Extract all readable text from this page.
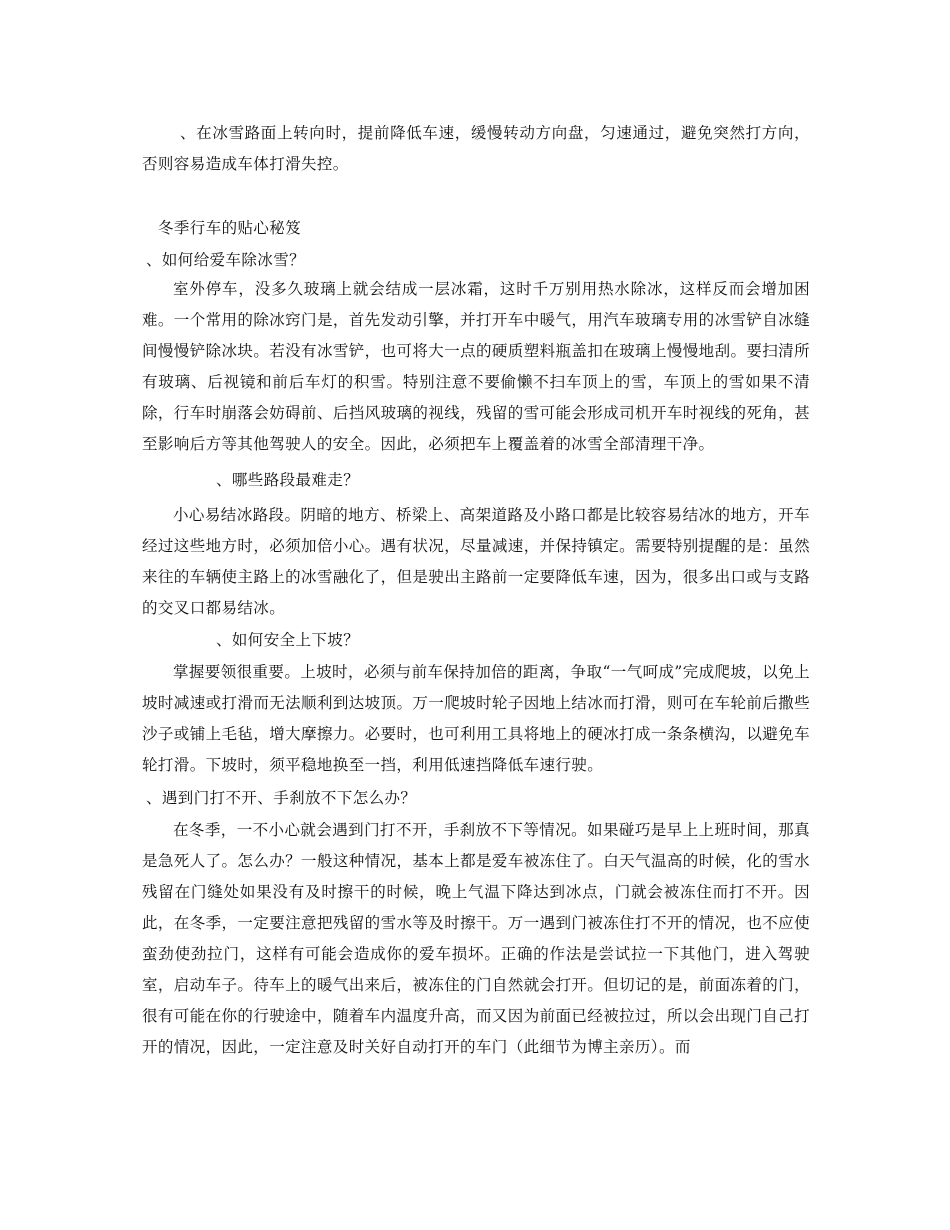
、在冰雪路面上转向时，提前降低车速，缓慢转动方向盘，匀速通过，避免突然打方向，否则容易造成车体打滑失控。

冬季行车的贴心秘笈

、如何给爱车除冰雪？

室外停车，没多久玻璃上就会结成一层冰霜，这时千万别用热水除冰，这样反而会增加困难。一个常用的除冰窍门是，首先发动引擎，并打开车中暖气，用汽车玻璃专用的冰雪铲自冰缝间慢慢铲除冰块。若没有冰雪铲，也可将大一点的硬质塑料瓶盖扣在玻璃上慢慢地刮。要扫清所有玻璃、后视镜和前后车灯的积雪。特别注意不要偷懒不扫车顶上的雪，车顶上的雪如果不清除，行车时崩落会妨碍前、后挡风玻璃的视线，残留的雪可能会形成司机开车时视线的死角，甚至影响后方等其他驾驶人的安全。因此，必须把车上覆盖着的冰雪全部清理干净。

、哪些路段最难走？

小心易结冰路段。阴暗的地方、桥梁上、高架道路及小路口都是比较容易结冰的地方，开车经过这些地方时，必须加倍小心。遇有状况，尽量减速，并保持镇定。需要特别提醒的是：虽然来往的车辆使主路上的冰雪融化了，但是驶出主路前一定要降低车速，因为，很多出口或与支路的交叉口都易结冰。

、如何安全上下坡？

掌握要领很重要。上坡时，必须与前车保持加倍的距离，争取“一气呵成”完成爬坡，以免上坡时减速或打滑而无法顺利到达坡顶。万一爬坡时轮子因地上结冰而打滑，则可在车轮前后撒些沙子或铺上毛毡，增大摩擦力。必要时，也可利用工具将地上的硬冰打成一条条横沟，以避免车轮打滑。下坡时，须平稳地换至一挡，利用低速挡降低车速行驶。

、遇到门打不开、手刹放不下怎么办？

在冬季，一不小心就会遇到门打不开，手刹放不下等情况。如果碰巧是早上上班时间，那真是急死人了。怎么办？一般这种情况，基本上都是爱车被冻住了。白天气温高的时候，化的雪水残留在门缝处如果没有及时擦干的时候，晚上气温下降达到冰点，门就会被冻住而打不开。因此，在冬季，一定要注意把残留的雪水等及时擦干。万一遇到门被冻住打不开的情况，也不应使蛮劲使劲拉门，这样有可能会造成你的爱车损坏。正确的作法是尝试拉一下其他门，进入驾驶室，启动车子。待车上的暖气出来后，被冻住的门自然就会打开。但切记的是，前面冻着的门，很有可能在你的行驶途中，随着车内温度升高，而又因为前面已经被拉过，所以会出现门自己打开的情况，因此，一定注意及时关好自动打开的车门（此细节为博主亲历）。而
